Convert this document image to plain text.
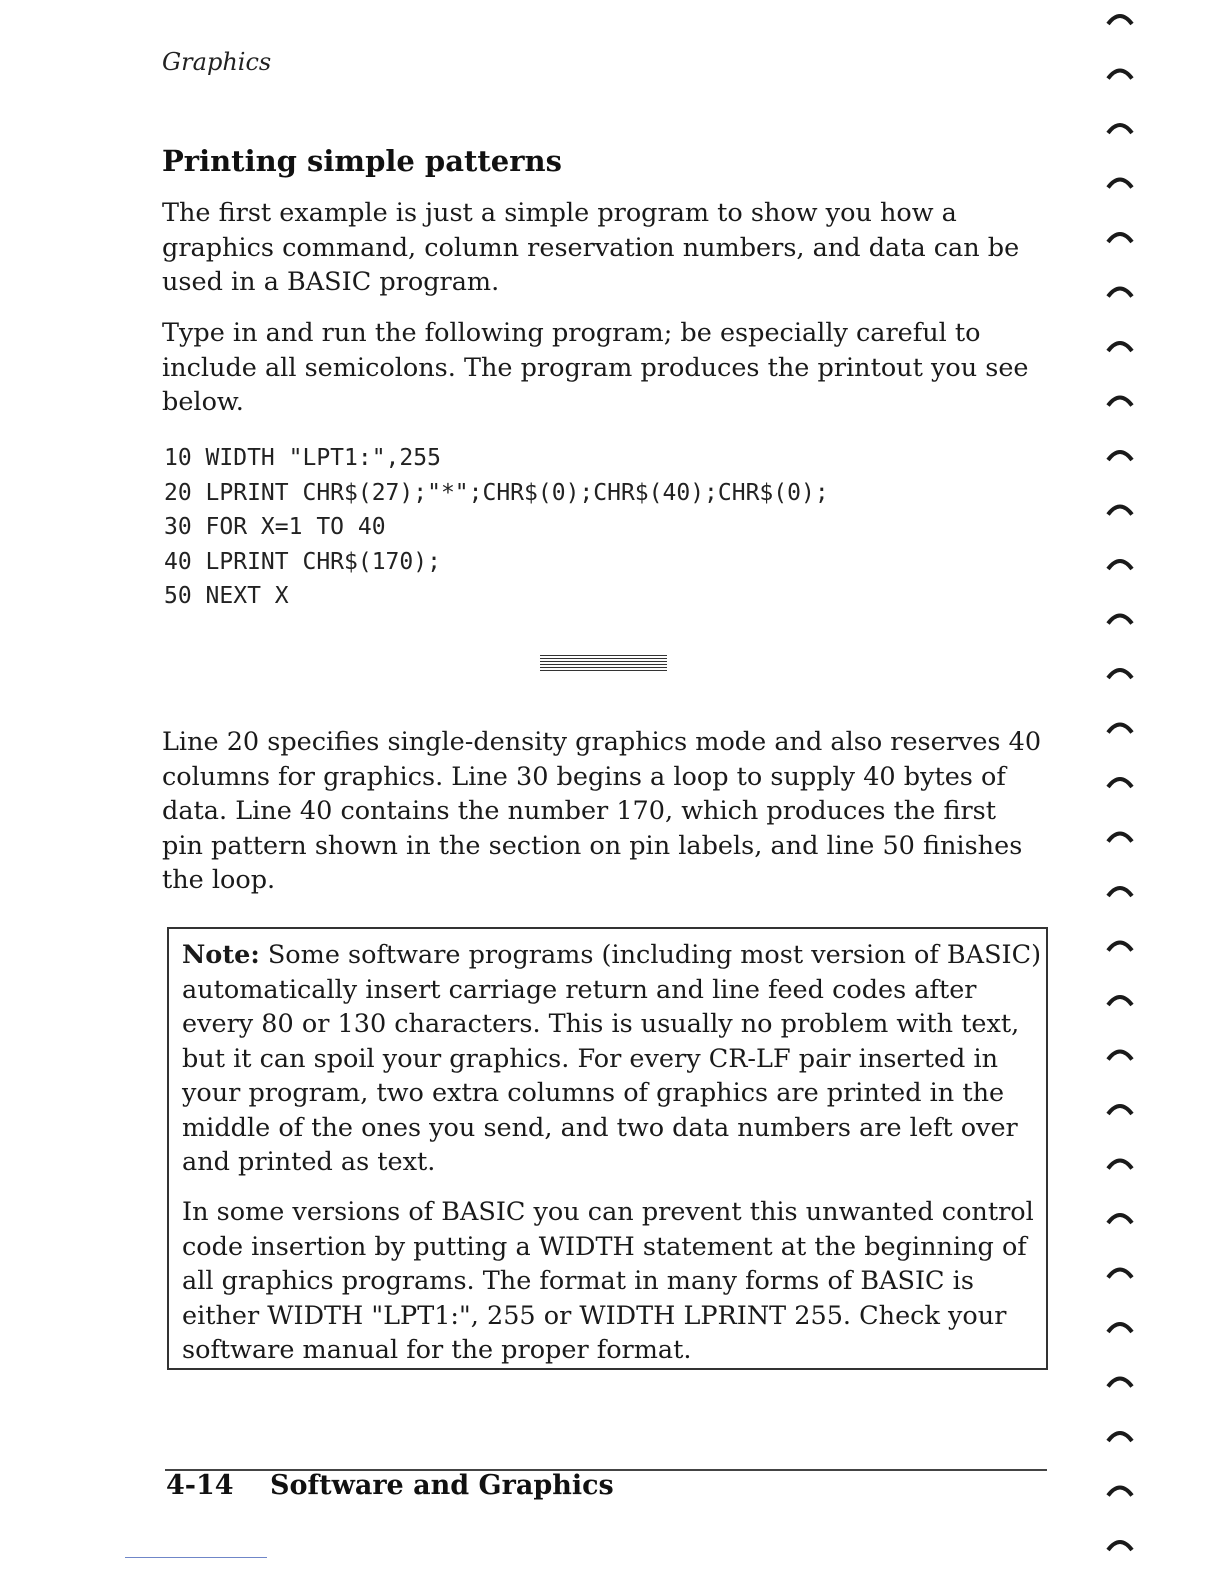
Graphics
Printing simple patterns

The first example is just a simple program to show you how a graphics command, column reservation numbers, and data can be used in a BASIC program.

Type in and run the following program; be especially careful to include all semicolons. The program produces the printout you see below.

10 WIDTH "LPT1:",255
20 LPRINT CHR$(27);"*";CHR$(0);CHR$(40);CHR$(0);
30 FOR X=1 TO 40
40 LPRINT CHR$(170);
50 NEXT X

Line 20 specifies single-density graphics mode and also reserves 40 columns for graphics. Line 30 begins a loop to supply 40 bytes of data. Line 40 contains the number 170, which produces the first pin pattern shown in the section on pin labels, and line 50 finishes the loop.

Note: Some software programs (including most version of BASIC) automatically insert carriage return and line feed codes after every 80 or 130 characters. This is usually no problem with text, but it can spoil your graphics. For every CR-LF pair inserted in your program, two extra columns of graphics are printed in the middle of the ones you send, and two data numbers are left over and printed as text.

In some versions of BASIC you can prevent this unwanted control code insertion by putting a WIDTH statement at the beginning of all graphics programs. The format in many forms of BASIC is either WIDTH "LPT1:", 255 or WIDTH LPRINT 255. Check your software manual for the proper format.

4-14 Software and Graphics
